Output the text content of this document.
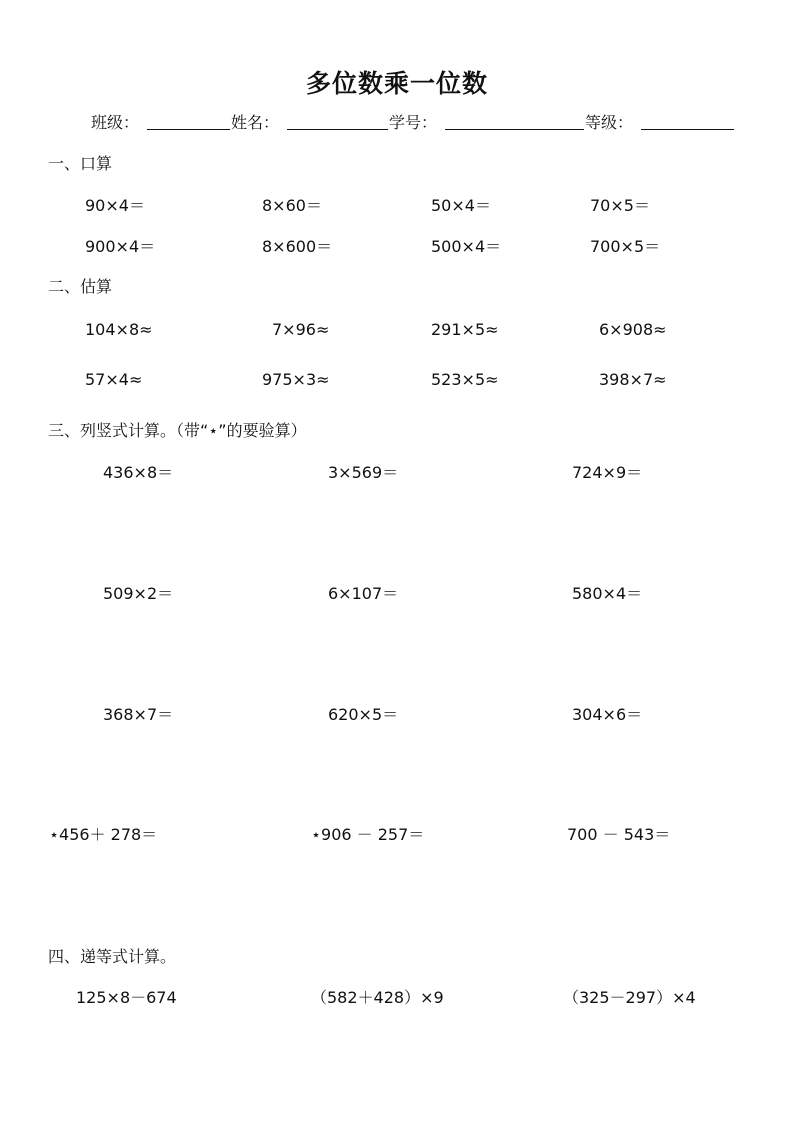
多位数乘一位数
班级：	姓名：	学号：	等级：
一、口算
90×4＝	8×60＝	50×4＝	70×5＝
900×4＝	8×600＝	500×4＝	700×5＝
二、估算
104×8≈	7×96≈	291×5≈	6×908≈
57×4≈	975×3≈	523×5≈	398×7≈
三、列竖式计算。（带“⋆”的要验算）
436×8＝	3×569＝	724×9＝
509×2＝	6×107＝	580×4＝
368×7＝	620×5＝	304×6＝
⋆456＋ 278＝	⋆906 － 257＝	700 － 543＝
四、递等式计算。
125×8－674	（582＋428）×9	（325－297）×4
